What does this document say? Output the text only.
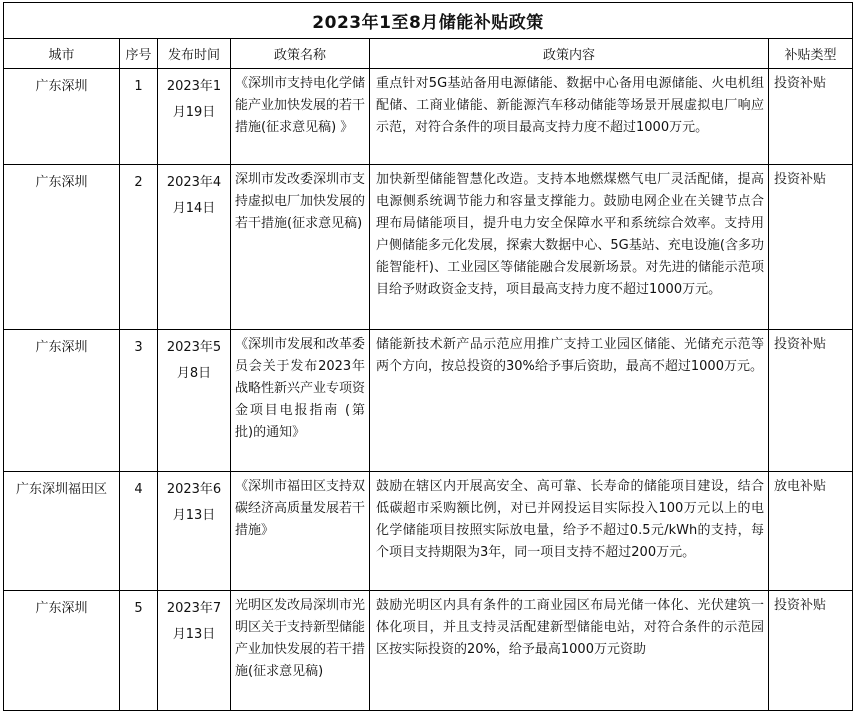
2023年1至8月储能补贴政策					
城市	序号	发布时间	政策名称	政策内容	补贴类型
广东深圳	1	2023年1月19日	《深圳市支持电化学储能产业加快发展的若干措施(征求意见稿) 》	重点针对5G基站备用电源储能、数据中心备用电源储能、火电机组配储、工商业储能、新能源汽车移动储能等场景开展虚拟电厂响应示范，对符合条件的项目最高支持力度不超过1000万元。	投资补贴
广东深圳	2	2023年4月14日	深圳市发改委深圳市支持虚拟电厂加快发展的若干措施(征求意见稿)	加快新型储能智慧化改造。支持本地燃煤燃气电厂灵活配储，提高电源侧系统调节能力和容量支撑能力。鼓励电网企业在关键节点合理布局储能项目，提升电力安全保障水平和系统综合效率。支持用户侧储能多元化发展，探索大数据中心、5G基站、充电设施(含多功能智能杆)、工业园区等储能融合发展新场景。对先进的储能示范项目给予财政资金支持，项目最高支持力度不超过1000万元。	投资补贴
广东深圳	3	2023年5月8日	《深圳市发展和改革委员会关于发布2023年战略性新兴产业专项资金项目电报指南 (第批)的通知》	储能新技术新产品示范应用推广支持工业园区储能、光储充示范等两个方向，按总投资的30%给予事后资助，最高不超过1000万元。	投资补贴
广东深圳福田区	4	2023年6月13日	《深圳市福田区支持双碳经济高质量发展若干措施》	鼓励在辖区内开展高安全、高可靠、长寿命的储能项目建设，结合低碳超市采购额比例，对已并网投运目实际投入100万元以上的电化学储能项目按照实际放电量，给予不超过0.5元/kWh的支持，每个项目支持期限为3年，同一项目支持不超过200万元。	放电补贴
广东深圳	5	2023年7月13日	光明区发改局深圳市光明区关于支持新型储能产业加快发展的若干措施(征求意见稿)	鼓励光明区内具有条件的工商业园区布局光储一体化、光伏建筑一体化项目，并且支持灵活配建新型储能电站，对符合条件的示范园区按实际投资的20%，给予最高1000万元资助	投资补贴
